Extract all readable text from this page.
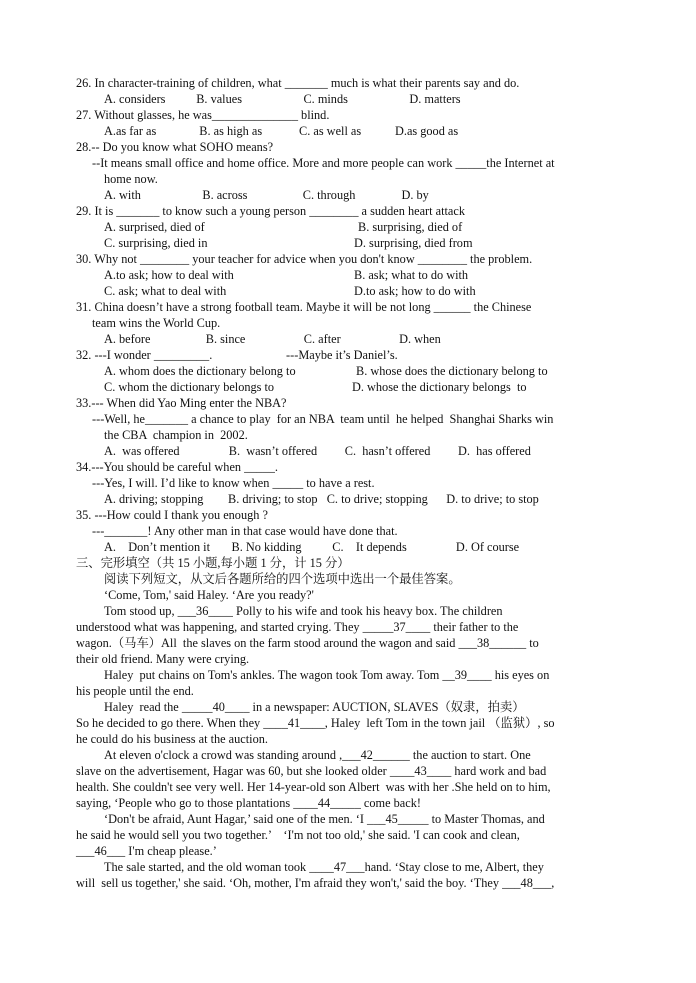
26. In character-training of children, what _______ much is what their parents say and do.
A. considers          B. values                    C. minds                    D. matters
27. Without glasses, he was______________ blind.
A.as far as              B. as high as            C. as well as           D.as good as
28.-- Do you know what SOHO means?
--It means small office and home office. More and more people can work _____the Internet at
home now.
A. with                    B. across                  C. through               D. by
29. It is _______ to know such a young person ________ a sudden heart attack
A. surprised, died of	B. surprising, died of
C. surprising, died in	D. surprising, died from
30. Why not ________ your teacher for advice when you don't know ________ the problem.
A.to ask; how to deal with	B. ask; what to do with
C. ask; what to deal with	D.to ask; how to do with
31. China doesn’t have a strong football team. Maybe it will be not long ______ the Chinese
team wins the World Cup.
A. before                  B. since                   C. after                   D. when
32. ---I wonder _________.                        ---Maybe it’s Daniel’s.
A. whom does the dictionary belong to	B. whose does the dictionary belong to
C. whom the dictionary belongs to	D. whose the dictionary belongs  to
33.--- When did Yao Ming enter the NBA?
---Well, he_______ a chance to play  for an NBA  team until  he helped  Shanghai Sharks win
the CBA  champion in  2002.
A.  was offered                B.  wasn’t offered         C.  hasn’t offered         D.  has offered
34.---You should be careful when _____.
---Yes, I will. I’d like to know when _____ to have a rest.
A. driving; stopping        B. driving; to stop   C. to drive; stopping      D. to drive; to stop
35. ---How could I thank you enough ?
---_______! Any other man in that case would have done that.
A.    Don’t mention it       B. No kidding          C.    It depends                D. Of course
三、完形填空（共 15 小题,每小题 1 分，计 15 分）
阅读下列短文，从文后各题所给的四个选项中选出一个最佳答案。
‘Come, Tom,' said Haley. ‘Are you ready?'
Tom stood up, ___36____ Polly to his wife and took his heavy box. The children
understood what was happening, and started crying. They _____37____ their father to the
wagon.（马车）All  the slaves on the farm stood around the wagon and said ___38______ to
their old friend. Many were crying.
Haley  put chains on Tom's ankles. The wagon took Tom away. Tom __39____ his eyes on
his people until the end.
Haley  read the _____40____ in a newspaper: AUCTION, SLAVES（奴隶，拍卖）
So he decided to go there. When they ____41____, Haley  left Tom in the town jail （监狱）, so
he could do his business at the auction.
At eleven o'clock a crowd was standing around ,___42______ the auction to start. One
slave on the advertisement, Hagar was 60, but she looked older ____43____ hard work and bad
health. She couldn't see very well. Her 14-year-old son Albert  was with her .She held on to him,
saying, ‘People who go to those plantations ____44_____ come back!
‘Don't be afraid, Aunt Hagar,’ said one of the men. ‘I ___45_____ to Master Thomas, and
he said he would sell you two together.’    ‘I'm not too old,' she said. 'I can cook and clean,
___46___ I'm cheap please.’
The sale started, and the old woman took ____47___hand. ‘Stay close to me, Albert, they
will  sell us together,' she said. ‘Oh, mother, I'm afraid they won't,' said the boy. ‘They ___48___,
